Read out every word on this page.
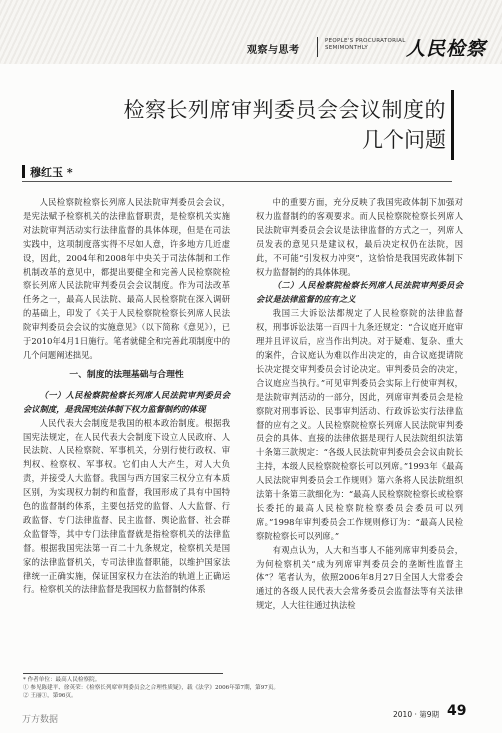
观察与思考
PEOPLE'S PROCURATORIAL
SEMIMONTHLY	人民检察
检察长列席审判委员会会议制度的
几个问题
穆红玉 *

人民检察院检察长列席人民法院审判委员会会议，是宪法赋予检察机关的法律监督职责，是检察机关实施对法院审判活动实行法律监督的具体体现，但是在司法实践中，这项制度落实得不尽如人意，许多地方几近虚设，因此，2004年和2008年中央关于司法体制和工作机制改革的意见中，都提出要健全和完善人民检察院检察长列席人民法院审判委员会会议制度。作为司法改革任务之一，最高人民法院、最高人民检察院在深入调研的基础上，印发了《关于人民检察院检察长列席人民法院审判委员会会议的实施意见》（以下简称《意见》），已于2010年4月1日施行。笔者就健全和完善此项制度中的几个问题阐述拙见。

一、制度的法理基础与合理性

（一）人民检察院检察长列席人民法院审判委员会会议制度，是我国宪法体制下权力监督制约的体现

人民代表大会制度是我国的根本政治制度。根据我国宪法规定，在人民代表大会制度下设立人民政府、人民法院、人民检察院、军事机关，分别行使行政权、审判权、检察权、军事权。它们由人大产生，对人大负责，并接受人大监督。我国与西方国家三权分立有本质区别，为实现权力制约和监督，我国形成了具有中国特色的监督制约体系，主要包括党的监督、人大监督、行政监督、专门法律监督、民主监督、舆论监督、社会群众监督等，其中专门法律监督就是指检察机关的法律监督。根据我国宪法第一百二十九条规定，检察机关是国家的法律监督机关，专司法律监督职能，以维护国家法律统一正确实施，保证国家权力在法治的轨道上正确运行。检察机关的法律监督是我国权力监督制约体系

中的重要方面，充分反映了我国宪政体制下加强对权力监督制约的客观要求。而人民检察院检察长列席人民法院审判委员会会议是法律监督的方式之一，列席人员发表的意见只是建议权，最后决定权仍在法院，因此，不可能“引发权力冲突”，这恰恰是我国宪政体制下权力监督制约的具体体现。

（二）人民检察院检察长列席人民法院审判委员会会议是法律监督的应有之义

我国三大诉讼法都规定了人民检察院的法律监督权，刑事诉讼法第一百四十九条还规定：“合议庭开庭审理并且评议后，应当作出判决。对于疑难、复杂、重大的案件，合议庭认为难以作出决定的，由合议庭提请院长决定提交审判委员会讨论决定。审判委员会的决定，合议庭应当执行。”可见审判委员会实际上行使审判权，是法院审判活动的一部分，因此，列席审判委员会是检察院对刑事诉讼、民事审判活动、行政诉讼实行法律监督的应有之义。人民检察院检察长列席人民法院审判委员会的具体、直接的法律依据是现行人民法院组织法第十条第三款规定：“各级人民法院审判委员会会议由院长主持，本级人民检察院检察长可以列席。”1993年《最高人民法院审判委员会工作规则》第六条将人民法院组织法第十条第三款细化为：“最高人民检察院检察长或检察长委托的最高人民检察院检察委员会委员可以列席。”1998年审判委员会工作规则修订为：“最高人民检察院检察长可以列席。”

有观点认为，人大和当事人不能列席审判委员会，为何检察机关“成为列席审判委员会的垄断性监督主体”？笔者认为，依照2006年8月27日全国人大常委会通过的各级人民代表大会常务委员会监督法等有关法律规定，人大往往通过执法检

* 作者单位：最高人民检察院。
① 参见陈建平、徐英荣：《检察长列席审判委员会之合理性质疑》，载《法学》2006年第7期，第97页。
② 王丽①，第96页。
万方数据
2010 · 第9期 49
